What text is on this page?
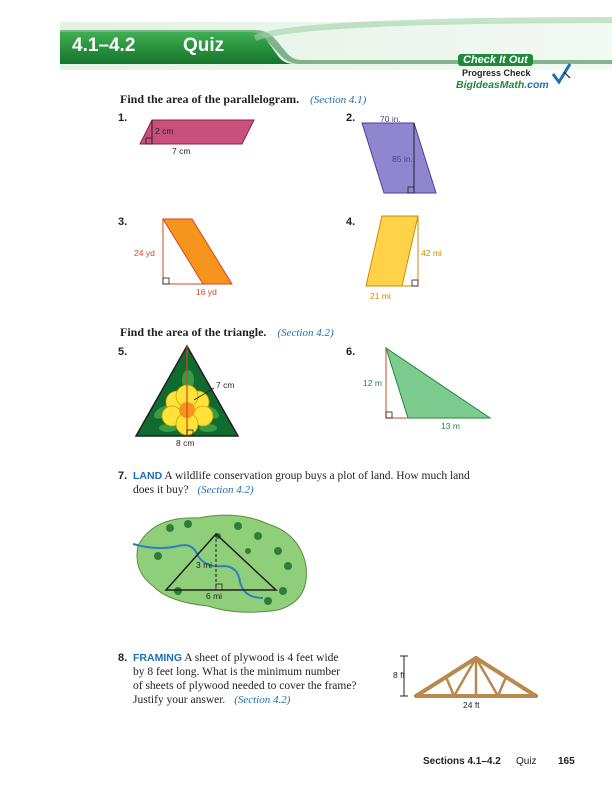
4.1–4.2	Quiz
Check It Out
Progress Check
BigIdeasMath.com
Find the area of the parallelogram. (Section 4.1)
1.
2 cm
7 cm
2.	70 in.
85 in.
3.
24 yd
16 yd
4.
42 mi
21 mi
Find the area of the triangle. (Section 4.2)
5.
7 cm
8 cm
6.
12 m
13 m
7. LAND A wildlife conservation group buys a plot of land. How much land
does it buy? (Section 4.2)
3 mi
6 mi
8. FRAMING A sheet of plywood is 4 feet wide
by 8 feet long. What is the minimum number
of sheets of plywood needed to cover the frame?
Justify your answer. (Section 4.2)
8 ft
24 ft
Sections 4.1–4.2 Quiz 165
